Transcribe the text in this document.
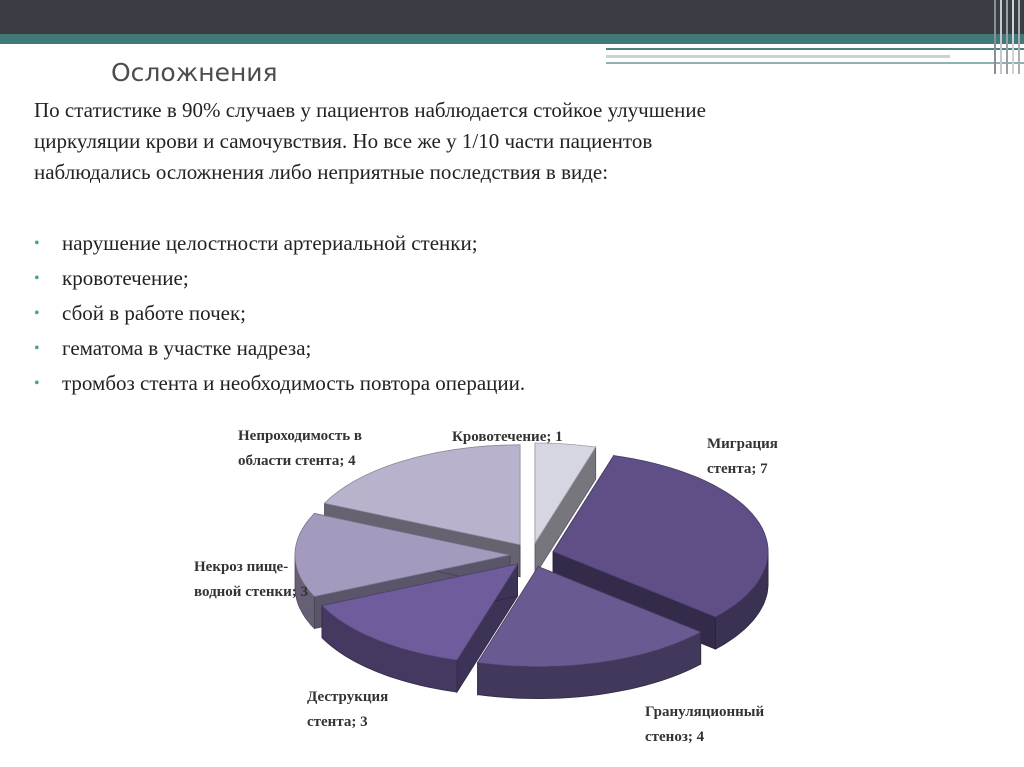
Осложнения
По статистике в 90% случаев у пациентов наблюдается стойкое улучшение
циркуляции крови и самочувствия. Но все же у 1/10 части пациентов
наблюдались осложнения либо неприятные последствия в виде:
• нарушение целостности артериальной стенки;
• кровотечение;
• сбой в работе почек;
• гематома в участке надреза;
• тромбоз стента и необходимость повтора операции.
Кровотечение; 1	Миграция
стента; 7
Грануляционный
стеноз; 4
Деструкция
стента; 3
Некроз пище-
водной стенки; 3
Непроходимость в
области стента; 4
